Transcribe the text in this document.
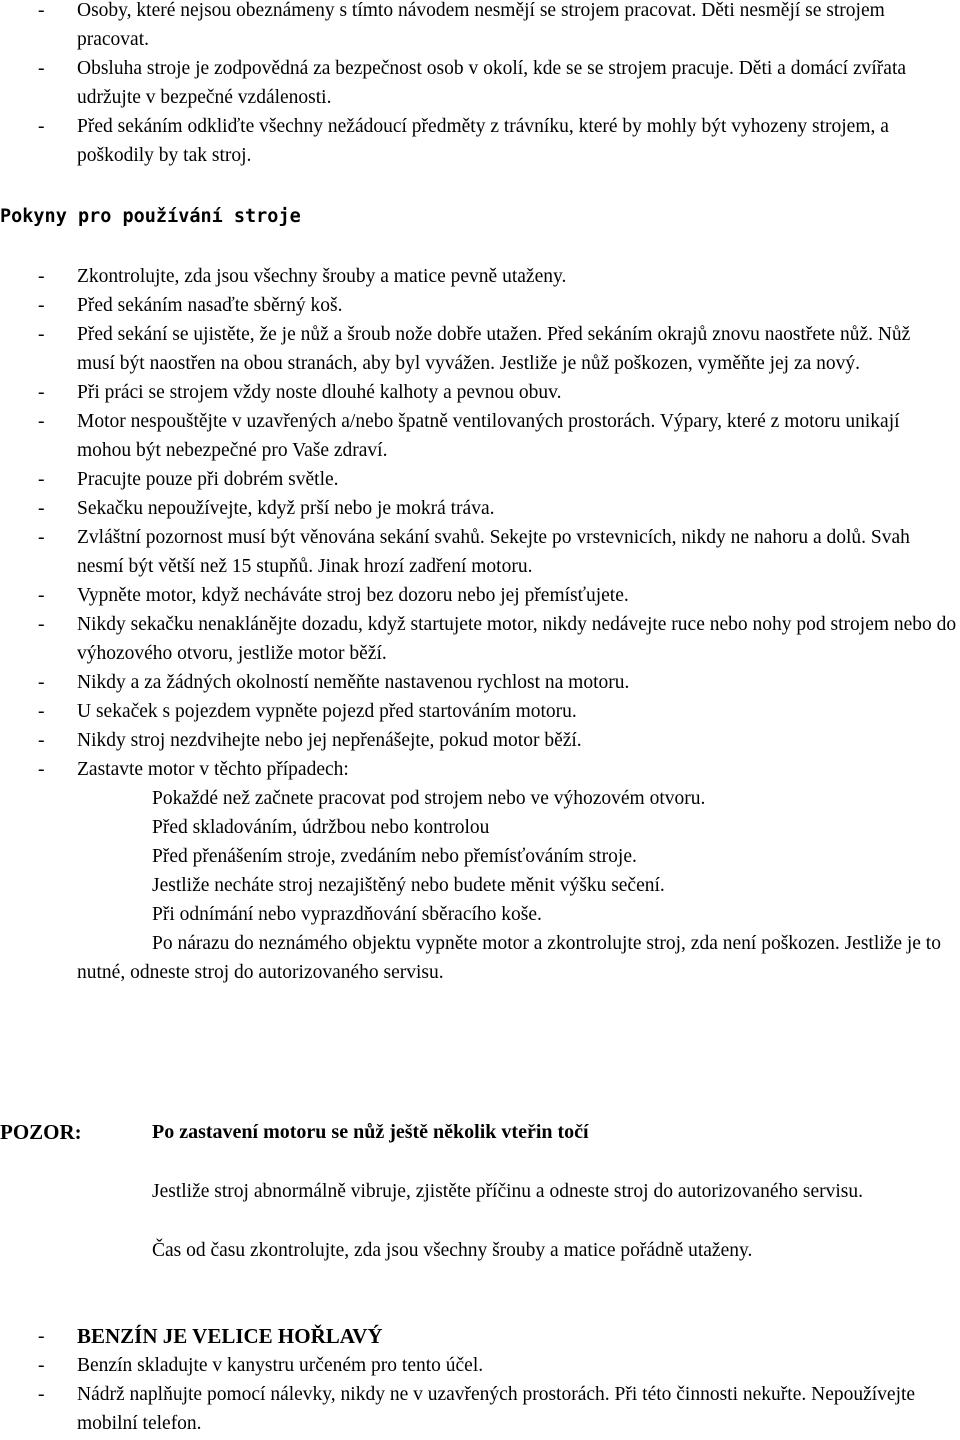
- Osoby, které nejsou obeznámeny s tímto návodem nesmějí se strojem pracovat. Děti nesmějí se strojem pracovat.
- Obsluha stroje je zodpovědná za bezpečnost osob v okolí, kde se se strojem pracuje. Děti a domácí zvířata udržujte v bezpečné vzdálenosti.
- Před sekáním odkliďte všechny nežádoucí předměty z trávníku, které by mohly být vyhozeny strojem, a poškodily by tak stroj.
Pokyny pro používání stroje
- Zkontrolujte, zda jsou všechny šrouby a matice pevně utaženy.
- Před sekáním nasaďte sběrný koš.
- Před sekání se ujistěte, že je nůž a šroub nože dobře utažen. Před sekáním okrajů znovu naostřete nůž. Nůž musí být naostřen na obou stranách, aby byl vyvážen. Jestliže je nůž poškozen, vyměňte jej za nový.
- Při práci se strojem vždy noste dlouhé kalhoty a pevnou obuv.
- Motor nespouštějte v uzavřených a/nebo špatně ventilovaných prostorách. Výpary, které z motoru unikají mohou být nebezpečné pro Vaše zdraví.
- Pracujte pouze při dobrém světle.
- Sekačku nepoužívejte, když prší nebo je mokrá tráva.
- Zvláštní pozornost musí být věnována sekání svahů. Sekejte po vrstevnicích, nikdy ne nahoru a dolů. Svah nesmí být větší než 15 stupňů. Jinak hrozí zadření motoru.
- Vypněte motor, když necháváte stroj bez dozoru nebo jej přemísťujete.
- Nikdy sekačku nenaklánějte dozadu, když startujete motor, nikdy nedávejte ruce nebo nohy pod strojem nebo do výhozového otvoru, jestliže motor běží.
- Nikdy a za žádných okolností neměňte nastavenou rychlost na motoru.
- U sekaček s pojezdem vypněte pojezd před startováním motoru.
- Nikdy stroj nezdvihejte nebo jej nepřenášejte, pokud motor běží.
- Zastavte motor v těchto případech:
Pokaždé než začnete pracovat pod strojem nebo ve výhozovém otvoru.
Před skladováním, údržbou nebo kontrolou
Před přenášením stroje, zvedáním nebo přemísťováním stroje.
Jestliže necháte stroj nezajištěný nebo budete měnit výšku sečení.
Při odnímání nebo vyprazdňování sběracího koše.
Po nárazu do neznámého objektu vypněte motor a zkontrolujte stroj, zda není poškozen. Jestliže je to nutné, odneste stroj do autorizovaného servisu.
POZOR:	Po zastavení motoru se nůž ještě několik vteřin točí

Jestliže stroj abnormálně vibruje, zjistěte příčinu a odneste stroj do autorizovaného servisu.

Čas od času zkontrolujte, zda jsou všechny šrouby a matice pořádně utaženy.

- BENZÍN JE VELICE HOŘLAVÝ
- Benzín skladujte v kanystru určeném pro tento účel.
- Nádrž naplňujte pomocí nálevky, nikdy ne v uzavřených prostorách. Při této činnosti nekuřte. Nepoužívejte mobilní telefon.
